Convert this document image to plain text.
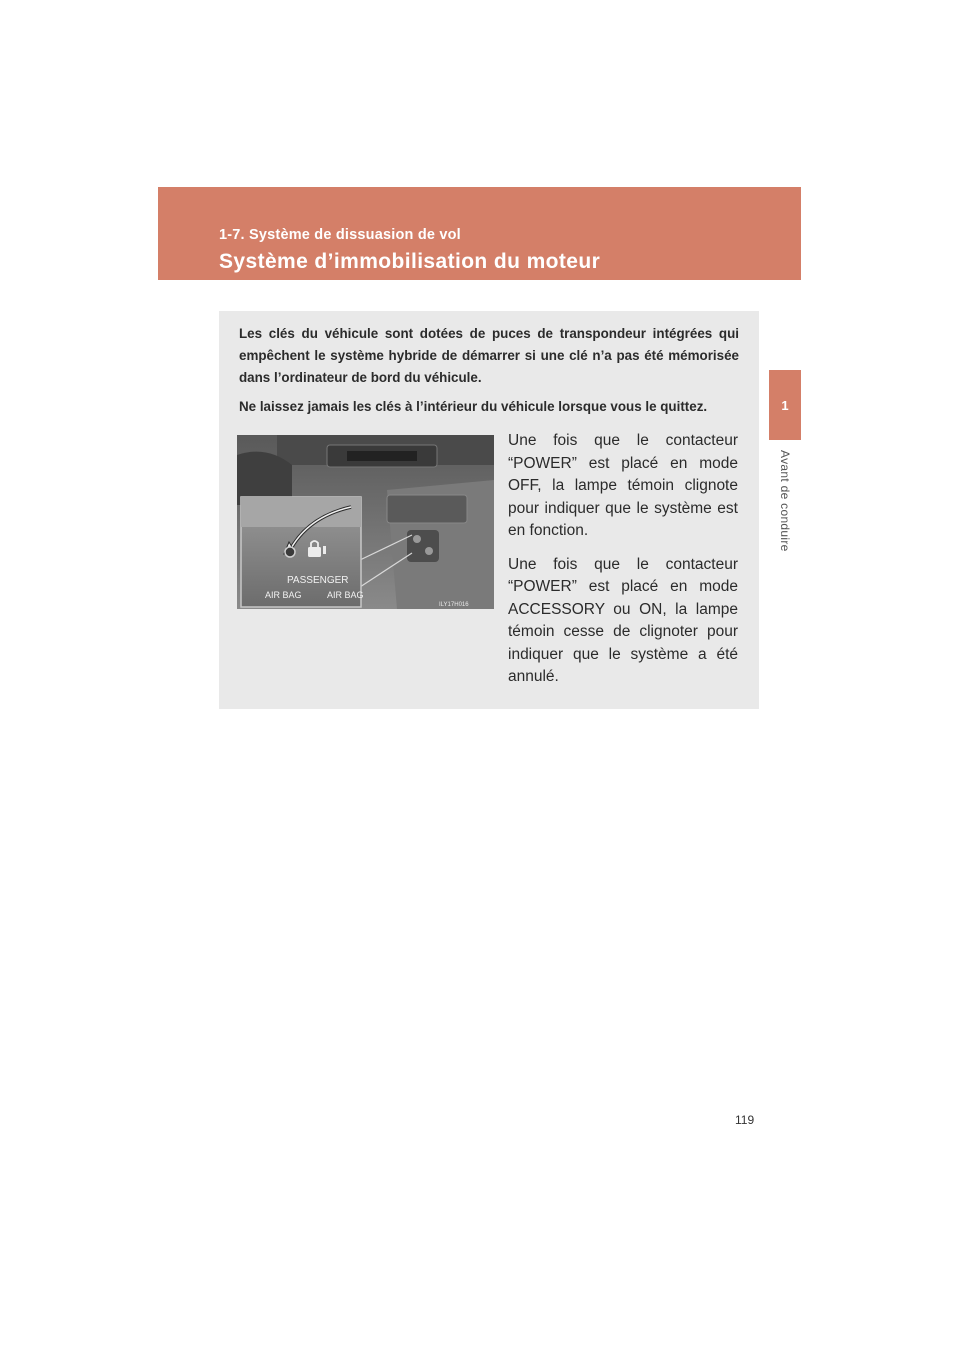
1-7. Système de dissuasion de vol
Système d’immobilisation du moteur
1
Avant de conduire
Les clés du véhicule sont dotées de puces de transpondeur intégrées qui empêchent le système hybride de démarrer si une clé n’a pas été mémorisée dans l’ordinateur de bord du véhicule.
Ne laissez jamais les clés à l’intérieur du véhicule lorsque vous le quittez.
PASSENGER
AIR BAG	AIR BAG
ILY17H016

Une fois que le contacteur “POWER” est placé en mode OFF, la lampe témoin clignote pour indiquer que le système est en fonction.

Une fois que le contacteur “POWER” est placé en mode ACCESSORY ou ON, la lampe témoin cesse de clignoter pour indiquer que le système a été annulé.

119
